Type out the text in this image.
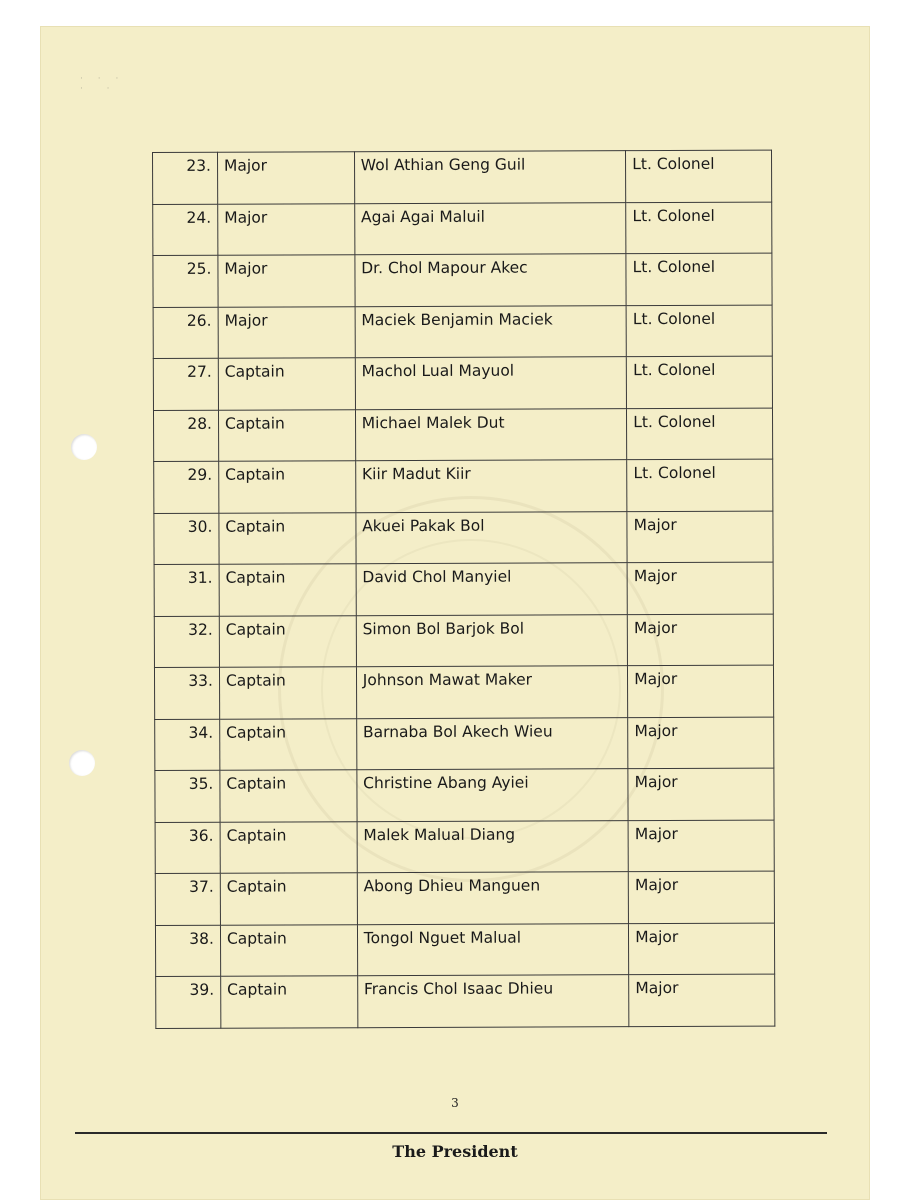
· · ·
·  ·
23.	Major	Wol Athian Geng Guil	Lt. Colonel
24.	Major	Agai Agai Maluil	Lt. Colonel
25.	Major	Dr. Chol Mapour Akec	Lt. Colonel
26.	Major	Maciek Benjamin Maciek	Lt. Colonel
27.	Captain	Machol Lual Mayuol	Lt. Colonel
28.	Captain	Michael Malek Dut	Lt. Colonel
29.	Captain	Kiir Madut Kiir	Lt. Colonel
30.	Captain	Akuei Pakak Bol	Major
31.	Captain	David Chol Manyiel	Major
32.	Captain	Simon Bol Barjok Bol	Major
33.	Captain	Johnson Mawat Maker	Major
34.	Captain	Barnaba Bol Akech Wieu	Major
35.	Captain	Christine Abang Ayiei	Major
36.	Captain	Malek Malual Diang	Major
37.	Captain	Abong Dhieu Manguen	Major
38.	Captain	Tongol Nguet Malual	Major
39.	Captain	Francis Chol Isaac Dhieu	Major
3
The President
